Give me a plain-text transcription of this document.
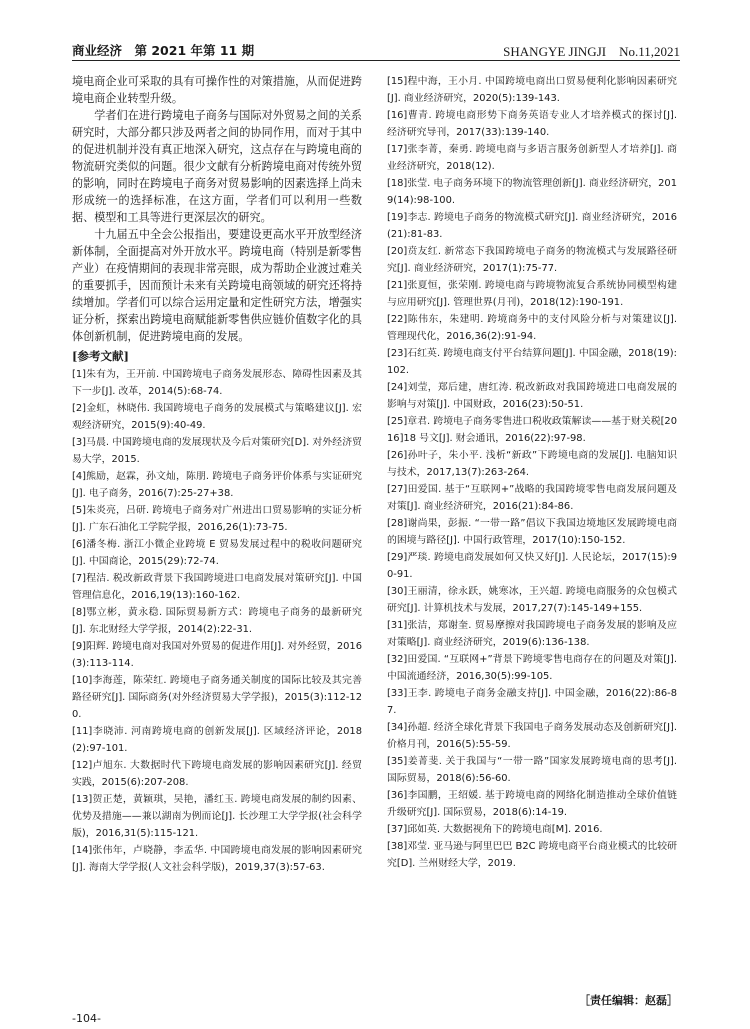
商业经济　第 2021 年第 11 期	SHANGYE JINGJI　No.11,2021

境电商企业可采取的具有可操作性的对策措施，从而促进跨境电商企业转型升级。

学者们在进行跨境电子商务与国际对外贸易之间的关系研究时，大部分都只涉及两者之间的协同作用，而对于其中的促进机制并没有真正地深入研究，这点存在与跨境电商的物流研究类似的问题。很少文献有分析跨境电商对传统外贸的影响，同时在跨境电子商务对贸易影响的因素选择上尚未形成统一的选择标准，在这方面，学者们可以利用一些数据、模型和工具等进行更深层次的研究。

十九届五中全会公报指出，要建设更高水平开放型经济新体制，全面提高对外开放水平。跨境电商（特别是新零售产业）在疫情期间的表现非常亮眼，成为帮助企业渡过难关的重要抓手，因而预计未来有关跨境电商领域的研究还将持续增加。学者们可以综合运用定量和定性研究方法，增强实证分析，探索出跨境电商赋能新零售供应链价值数字化的具体创新机制，促进跨境电商的发展。

[参考文献]

[1]朱有为，王开前. 中国跨境电子商务发展形态、障碍性因素及其下一步[J]. 改革，2014(5):68-74.

[2]金虹，林晓伟. 我国跨境电子商务的发展模式与策略建议[J]. 宏观经济研究，2015(9):40-49.

[3]马晨. 中国跨境电商的发展现状及今后对策研究[D]. 对外经济贸易大学，2015.

[4]熊励，赵霖，孙文灿，陈朋. 跨境电子商务评价体系与实证研究[J]. 电子商务，2016(7):25-27+38.

[5]朱炎亮，吕研. 跨境电子商务对广州进出口贸易影响的实证分析[J]. 广东石油化工学院学报，2016,26(1):73-75.

[6]潘冬梅. 浙江小微企业跨境 E 贸易发展过程中的税收问题研究[J]. 中国商论，2015(29):72-74.

[7]程洁. 税改新政背景下我国跨境进口电商发展对策研究[J]. 中国管理信息化，2016,19(13):160-162.

[8]鄂立彬，黄永稳. 国际贸易新方式：跨境电子商务的最新研究[J]. 东北财经大学学报，2014(2):22-31.

[9]阳辉. 跨境电商对我国对外贸易的促进作用[J]. 对外经贸，2016(3):113-114.

[10]李海莲，陈荣红. 跨境电子商务通关制度的国际比较及其完善路径研究[J]. 国际商务(对外经济贸易大学学报)，2015(3):112-120.

[11]李晓沛. 河南跨境电商的创新发展[J]. 区域经济评论，2018(2):97-101.

[12]卢旭东. 大数据时代下跨境电商发展的影响因素研究[J]. 经贸实践，2015(6):207-208.

[13]贺正楚，黄颖琪，吴艳，潘红玉. 跨境电商发展的制约因素、优势及措施——兼以湖南为例而论[J]. 长沙理工大学学报(社会科学版)，2016,31(5):115-121.

[14]张伟年，卢晓静，李孟华. 中国跨境电商发展的影响因素研究[J]. 海南大学学报(人文社会科学版)，2019,37(3):57-63.

[15]程中海，王小月. 中国跨境电商出口贸易便利化影响因素研究[J]. 商业经济研究，2020(5):139-143.

[16]曹青. 跨境电商形势下商务英语专业人才培养模式的探讨[J]. 经济研究导刊，2017(33):139-140.

[17]张李菁，秦勇. 跨境电商与多语言服务创新型人才培养[J]. 商业经济研究，2018(12).

[18]张莹. 电子商务环境下的物流管理创新[J]. 商业经济研究，2019(14):98-100.

[19]李志. 跨境电子商务的物流模式研究[J]. 商业经济研究，2016(21):81-83.

[20]贲友红. 新常态下我国跨境电子商务的物流模式与发展路径研究[J]. 商业经济研究，2017(1):75-77.

[21]张夏恒，张荣刚. 跨境电商与跨境物流复合系统协同模型构建与应用研究[J]. 管理世界(月刊)，2018(12):190-191.

[22]陈伟东，朱建明. 跨境商务中的支付风险分析与对策建议[J]. 管理现代化，2016,36(2):91-94.

[23]石红英. 跨境电商支付平台结算问题[J]. 中国金融，2018(19):102.

[24]刘莹，郑后建，唐红涛. 税改新政对我国跨境进口电商发展的影响与对策[J]. 中国财政，2016(23):50-51.

[25]章君. 跨境电子商务零售进口税收政策解读——基于财关税[2016]18 号文[J]. 财会通讯，2016(22):97-98.

[26]孙叶子，朱小平. 浅析“新政”下跨境电商的发展[J]. 电脑知识与技术，2017,13(7):263-264.

[27]田爱国. 基于“互联网+”战略的我国跨境零售电商发展问题及对策[J]. 商业经济研究，2016(21):84-86.

[28]谢尚果，彭振. “一带一路”倡议下我国边境地区发展跨境电商的困境与路径[J]. 中国行政管理，2017(10):150-152.

[29]严琰. 跨境电商发展如何又快又好[J]. 人民论坛，2017(15):90-91.

[30]王丽清，徐永跃，姚寒冰，王兴超. 跨境电商服务的众包模式研究[J]. 计算机技术与发展，2017,27(7):145-149+155.

[31]张洁，郑谢奎. 贸易摩擦对我国跨境电子商务发展的影响及应对策略[J]. 商业经济研究，2019(6):136-138.

[32]田爱国. “互联网+”背景下跨境零售电商存在的问题及对策[J]. 中国流通经济，2016,30(5):99-105.

[33]王李. 跨境电子商务金融支持[J]. 中国金融，2016(22):86-87.

[34]孙超. 经济全球化背景下我国电子商务发展动态及创新研究[J]. 价格月刊，2016(5):55-59.

[35]姜菁斐. 关于我国与“一带一路”国家发展跨境电商的思考[J]. 国际贸易，2018(6):56-60.

[36]李国鹏，王绍媛. 基于跨境电商的网络化制造推动全球价值链升级研究[J]. 国际贸易，2018(6):14-19.

[37]邱如英. 大数据视角下的跨境电商[M]. 2016.

[38]邓莹. 亚马逊与阿里巴巴 B2C 跨境电商平台商业模式的比较研究[D]. 兰州财经大学，2019.

［责任编辑：赵磊］
-104-
